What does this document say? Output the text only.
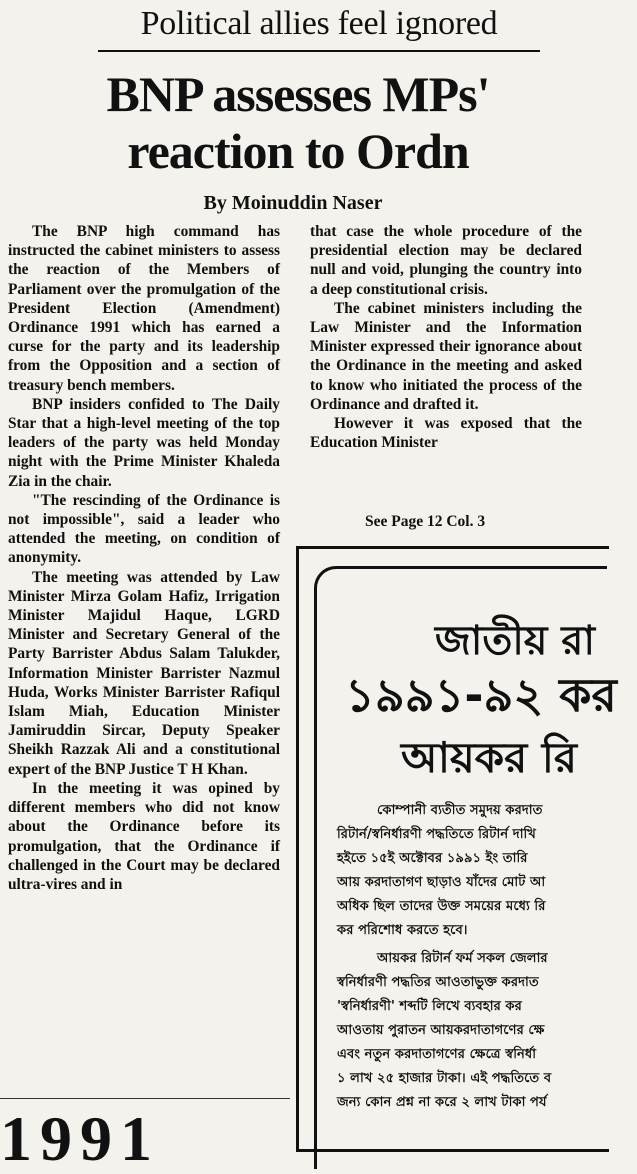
Political allies feel ignored
BNP assesses MPs'
reaction to Ordn
By Moinuddin Naser

The BNP high command has instructed the cabinet ministers to assess the reaction of the Members of Parliament over the promulgation of the President Election (Amendment) Ordinance 1991 which has earned a curse for the party and its leadership from the Opposition and a section of treasury bench members.

BNP insiders confided to The Daily Star that a high-level meeting of the top leaders of the party was held Monday night with the Prime Minister Khaleda Zia in the chair.

"The rescinding of the Ordinance is not impossible", said a leader who attended the meeting, on condition of anonymity.

The meeting was attended by Law Minister Mirza Golam Hafiz, Irrigation Minister Majidul Haque, LGRD Minister and Secretary General of the Party Barrister Abdus Salam Talukder, Information Minister Barrister Nazmul Huda, Works Minister Barrister Rafiqul Islam Miah, Education Minister Jamiruddin Sircar, Deputy Speaker Sheikh Razzak Ali and a constitutional expert of the BNP Justice T H Khan.

In the meeting it was opined by different members who did not know about the Ordinance before its promulgation, that the Ordinance if challenged in the Court may be declared ultra-vires and in

that case the whole procedure of the presidential election may be declared null and void, plunging the country into a deep constitutional crisis.

The cabinet ministers including the Law Minister and the Information Minister expressed their ignorance about the Ordinance in the meeting and asked to know who initiated the process of the Ordinance and drafted it.

However it was exposed that the Education Minister

See Page 12 Col. 3
1991
জাতীয় রা
১৯৯১-৯২ কর
আয়কর রি
কোম্পানী ব্যতীত সমুদয় করদাত
রিটার্ন/স্বনির্ধারণী পদ্ধতিতে রিটার্ন দাখি
হইতে ১৫ই অক্টোবর ১৯৯১ ইং তারি
আয় করদাতাগণ ছাড়াও যাঁদের মোট আ
অধিক ছিল তাদের উক্ত সময়ের মধ্যে রি
কর পরিশোধ করতে হবে।
আয়কর রিটার্ন ফর্ম সকল জেলার
স্বনির্ধারণী পদ্ধতির আওতাভুক্ত করদাত
'স্বনির্ধারণী' শব্দটি লিখে ব্যবহার কর
আওতায় পুরাতন আয়করদাতাগণের ক্ষে
এবং নতুন করদাতাগণের ক্ষেত্রে স্বনির্ধা
১ লাখ ২৫ হাজার টাকা। এই পদ্ধতিতে ব
জন্য কোন প্রশ্ন না করে ২ লাখ টাকা পর্য
